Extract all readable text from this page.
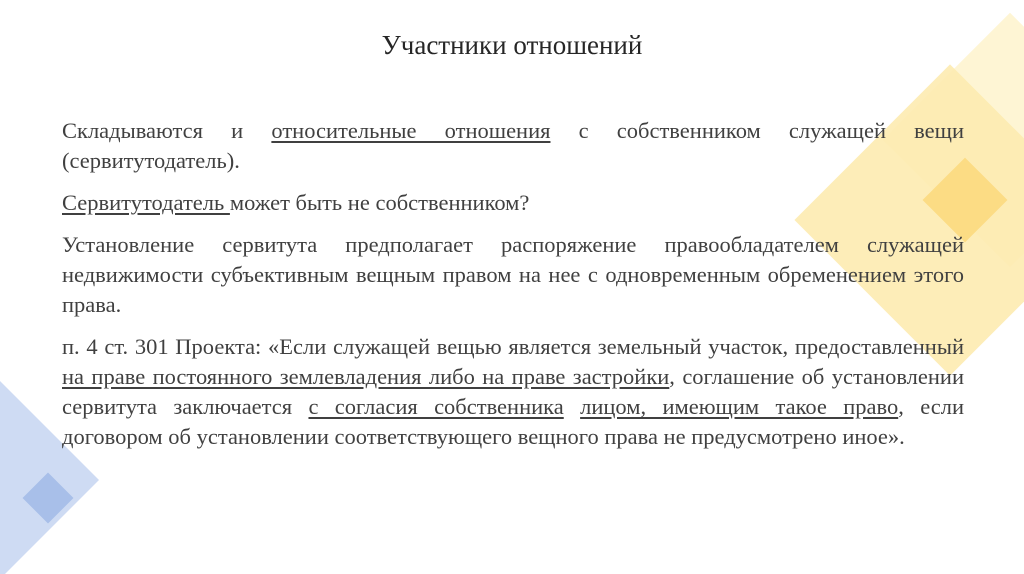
Участники отношений

Складываются и относительные отношения с собственником служащей вещи (сервитутодатель).

Сервитутодатель может быть не собственником?

Установление сервитута предполагает распоряжение правообладателем служащей недвижимости субъективным вещным правом на нее с одновременным обременением этого права.

п. 4 ст. 301 Проекта: «Если служащей вещью является земельный участок, предоставленный на праве постоянного землевладения либо на праве застройки, соглашение об установлении сервитута заключается с согласия собственника лицом, имеющим такое право, если договором об установлении соответствующего вещного права не предусмотрено иное».
